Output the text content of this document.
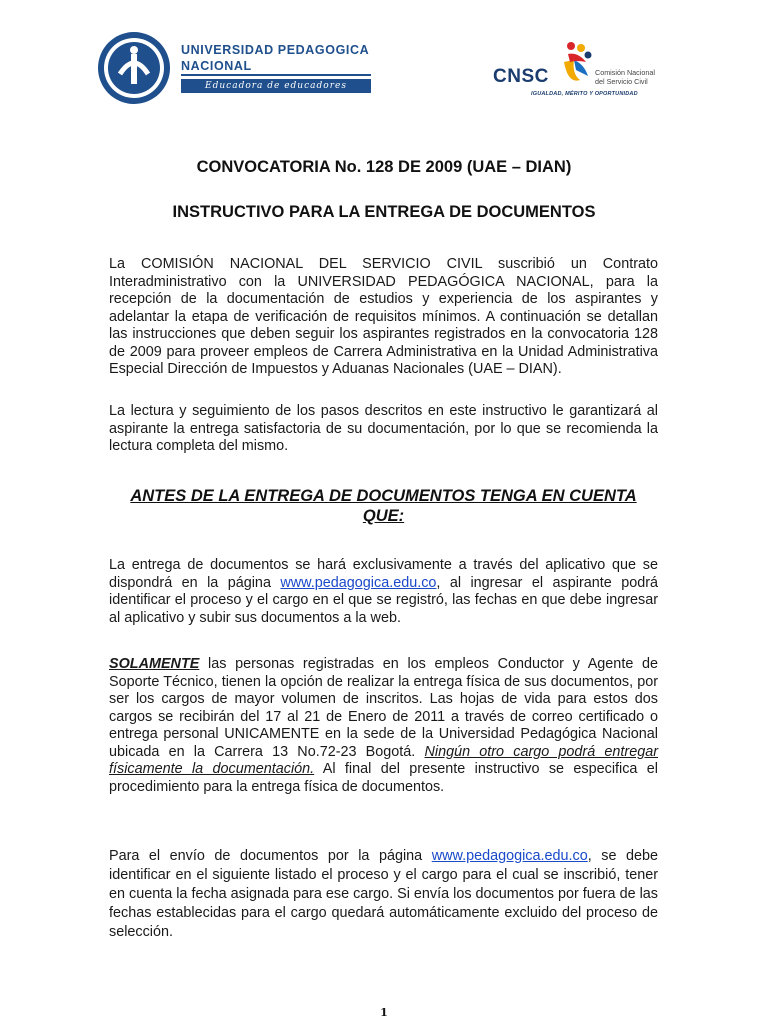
UNIVERSIDAD PEDAGOGICA
NACIONAL

Educadora de educadores	CNSC	Comisión Nacional
del Servicio Civil

IGUALDAD, MÉRITO Y OPORTUNIDAD

CONVOCATORIA No. 128 DE 2009 (UAE – DIAN)
INSTRUCTIVO PARA LA ENTREGA DE DOCUMENTOS

La COMISIÓN NACIONAL DEL SERVICIO CIVIL suscribió un Contrato Interadministrativo con la UNIVERSIDAD PEDAGÓGICA NACIONAL, para la recepción de la documentación de estudios y experiencia de los aspirantes y adelantar la etapa de verificación de requisitos mínimos. A continuación se detallan las instrucciones que deben seguir los aspirantes registrados en la convocatoria 128 de 2009 para proveer empleos de Carrera Administrativa en la Unidad Administrativa Especial Dirección de Impuestos y Aduanas Nacionales (UAE – DIAN).

La lectura y seguimiento de los pasos descritos en este instructivo le garantizará al aspirante la entrega satisfactoria de su documentación, por lo que se recomienda la lectura completa del mismo.

ANTES DE LA ENTREGA DE DOCUMENTOS TENGA EN CUENTA QUE:

La entrega de documentos se hará exclusivamente a través del aplicativo que se dispondrá en la página www.pedagogica.edu.co, al ingresar el aspirante podrá identificar el proceso y el cargo en el que se registró, las fechas en que debe ingresar al aplicativo y subir sus documentos a la web.

SOLAMENTE las personas registradas en los empleos Conductor y Agente de Soporte Técnico, tienen la opción de realizar la entrega física de sus documentos, por ser los cargos de mayor volumen de inscritos. Las hojas de vida para estos dos cargos se recibirán del 17 al 21 de Enero de 2011 a través de correo certificado o entrega personal UNICAMENTE en la sede de la Universidad Pedagógica Nacional ubicada en la Carrera 13 No.72-23 Bogotá. Ningún otro cargo podrá entregar físicamente la documentación. Al final del presente instructivo se especifica el procedimiento para la entrega física de documentos.

Para el envío de documentos por la página www.pedagogica.edu.co, se debe identificar en el siguiente listado el proceso y el cargo para el cual se inscribió, tener en cuenta la fecha asignada para ese cargo. Si envía los documentos por fuera de las fechas establecidas para el cargo quedará automáticamente excluido del proceso de selección.

1
